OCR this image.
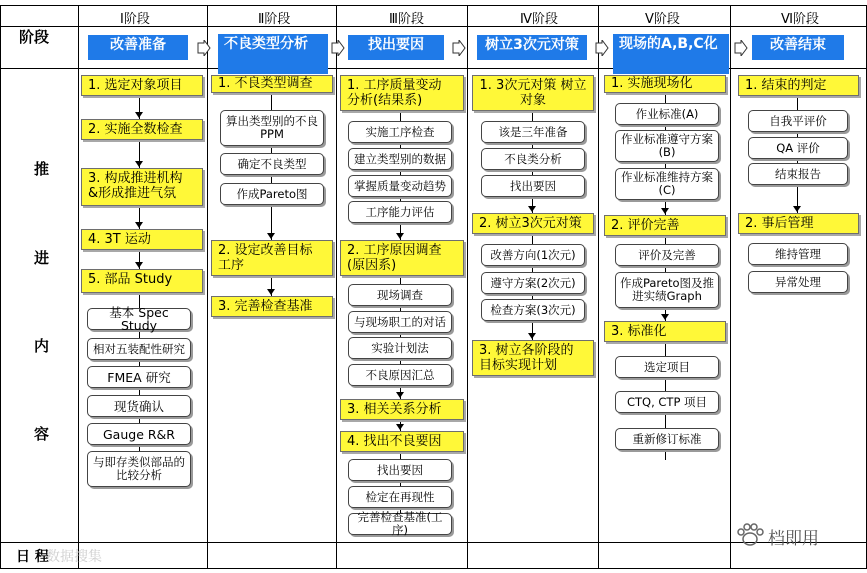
阶段
推
进
内
容
日 程
数据搜集
Ⅰ阶段	Ⅱ阶段	Ⅲ阶段	Ⅳ阶段	Ⅴ阶段	Ⅵ阶段
改善准备	不良类型分析	找出要因	树立3次元对策	现场的A,B,C化	改善结束
1. 选定对象项目
2. 实施全数检查
3. 构成推进机构 &形成推进气氛
4. 3T 运动
5. 部品 Study
基本 Spec Study
相对五装配性研究
FMEA 研究
现货确认
Gauge R&R
与即存类似部品的比较分析
1. 不良类型调查
算出类型别的不良PPM
确定不良类型
作成Pareto图
2. 设定改善目标 工序
3. 完善检查基准
1. 工序质量变动 分析(结果系)
实施工序检查
建立类型别的数据
掌握质量变动趋势
工序能力评估
2. 工序原因调查 (原因系)
现场调查
与现场职工的对话
实验计划法
不良原因汇总
3. 相关关系分析
4. 找出不良要因
找出要因
检定在再现性
完善检查基准(工序)
1. 3次元对策 树立对象
该是三年准备
不良类分析
找出要因
2. 树立3次元对策
改善方向(1次元)
遵守方案(2次元)
检查方案(3次元)
3. 树立各阶段的 目标实现计划
1. 实施现场化
作业标准(A)
作业标准遵守方案 (B)
作业标准维持方案 (C)
2. 评价完善
评价及完善
作成Pareto图及推进实绩Graph
3. 标准化
选定项目
CTQ, CTP 项目
重新修订标准
1. 结束的判定
自我平评价
QA 评价
结束报告
2. 事后管理
维持管理
异常处理
档即用
